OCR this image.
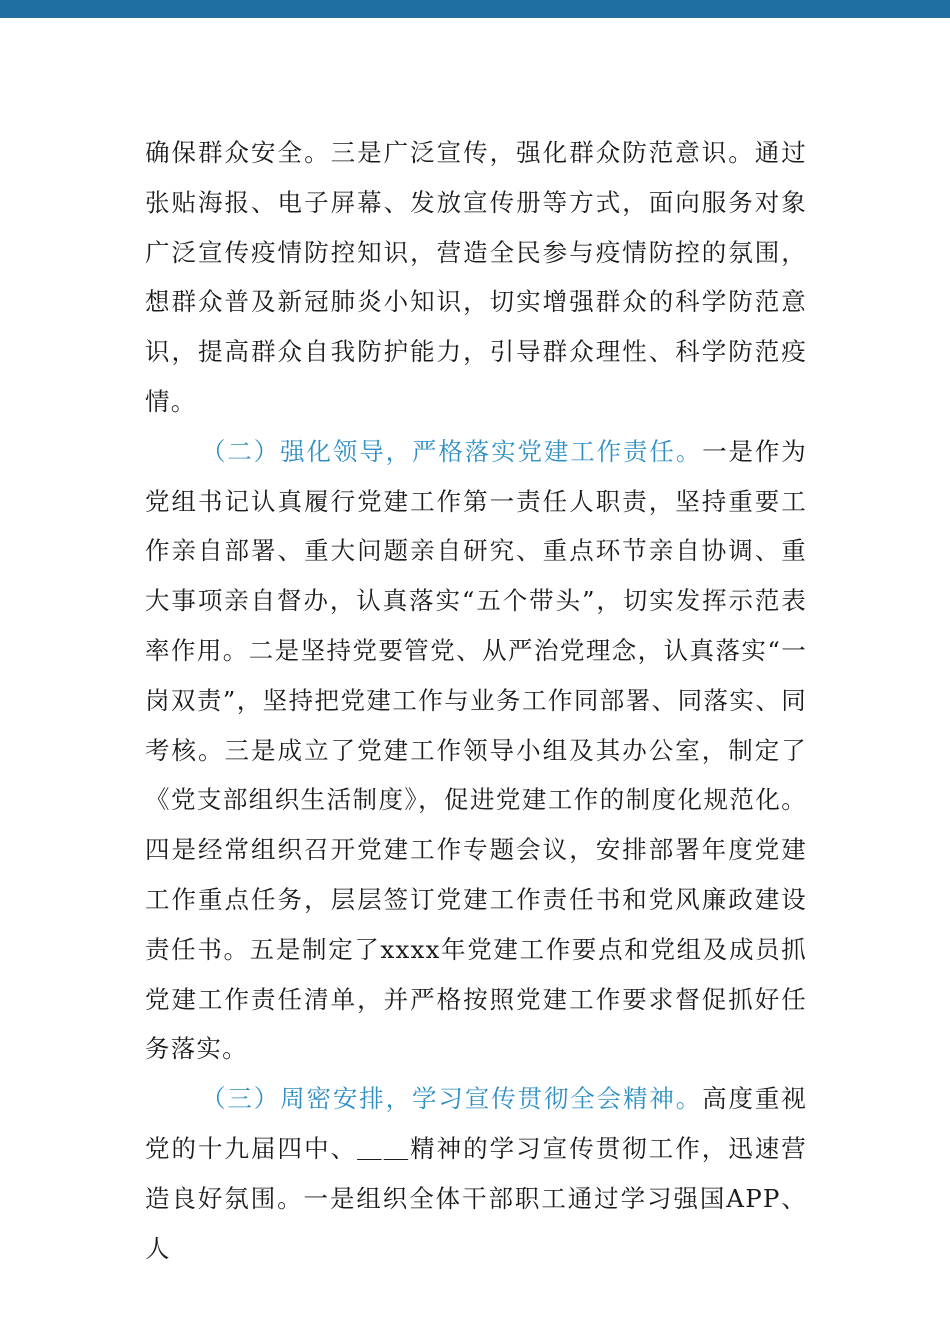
确保群众安全。三是广泛宣传，强化群众防范意识。通过张贴海报、电子屏幕、发放宣传册等方式，面向服务对象广泛宣传疫情防控知识，营造全民参与疫情防控的氛围，想群众普及新冠肺炎小知识，切实增强群众的科学防范意识，提高群众自我防护能力，引导群众理性、科学防范疫情。

（二）强化领导，严格落实党建工作责任。一是作为党组书记认真履行党建工作第一责任人职责，坚持重要工作亲自部署、重大问题亲自研究、重点环节亲自协调、重大事项亲自督办，认真落实“五个带头”，切实发挥示范表率作用。二是坚持党要管党、从严治党理念，认真落实“一岗双责”，坚持把党建工作与业务工作同部署、同落实、同考核。三是成立了党建工作领导小组及其办公室，制定了《党支部组织生活制度》，促进党建工作的制度化规范化。四是经常组织召开党建工作专题会议，安排部署年度党建工作重点任务，层层签订党建工作责任书和党风廉政建设责任书。五是制定了xxxx年党建工作要点和党组及成员抓党建工作责任清单，并严格按照党建工作要求督促抓好任务落实。

（三）周密安排，学习宣传贯彻全会精神。高度重视党的十九届四中、＿＿精神的学习宣传贯彻工作，迅速营造良好氛围。一是组织全体干部职工通过学习强国APP、人
